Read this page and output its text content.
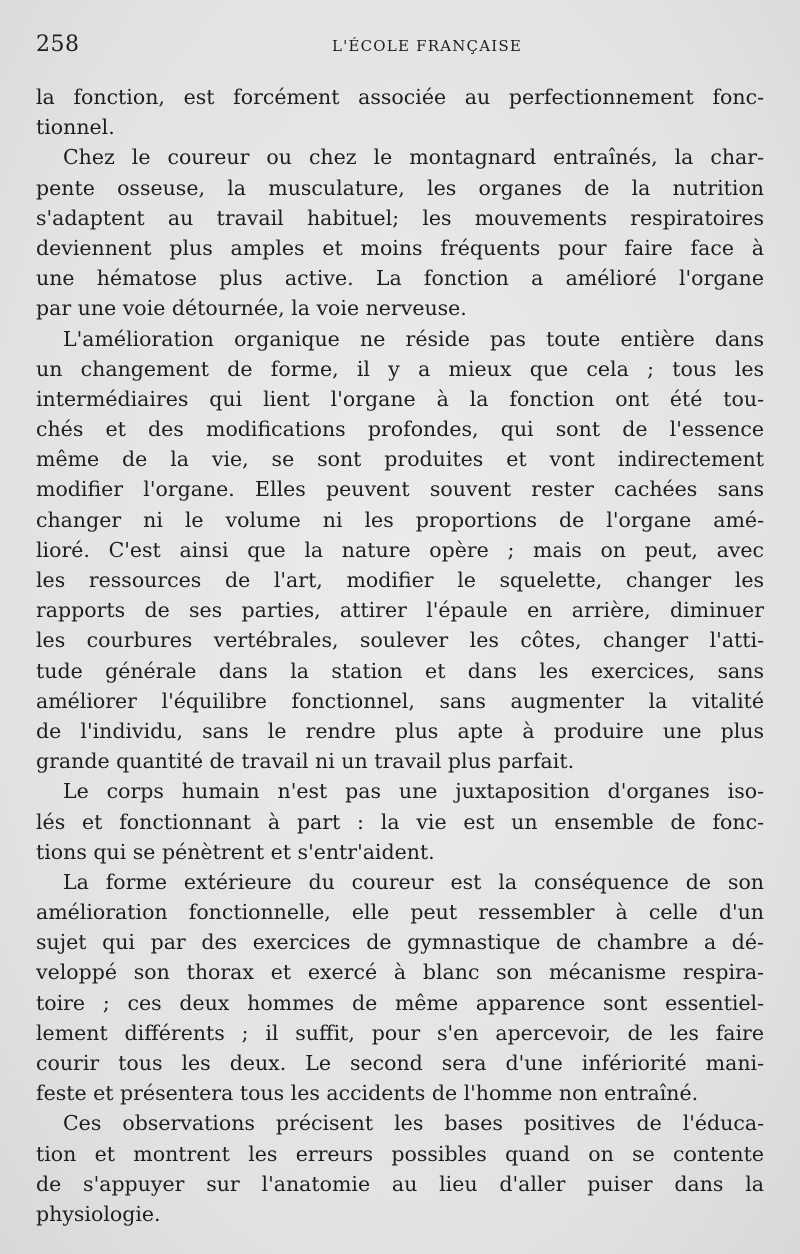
258	L'ÉCOLE FRANÇAISE
la fonction, est forcément associée au perfectionnement fonc-
tionnel.
Chez le coureur ou chez le montagnard entraînés, la char-
pente osseuse, la musculature, les organes de la nutrition
s'adaptent au travail habituel; les mouvements respiratoires
deviennent plus amples et moins fréquents pour faire face à
une hématose plus active. La fonction a amélioré l'organe
par une voie détournée, la voie nerveuse.
L'amélioration organique ne réside pas toute entière dans
un changement de forme, il y a mieux que cela ; tous les
intermédiaires qui lient l'organe à la fonction ont été tou-
chés et des modifications profondes, qui sont de l'essence
même de la vie, se sont produites et vont indirectement
modifier l'organe. Elles peuvent souvent rester cachées sans
changer ni le volume ni les proportions de l'organe amé-
lioré. C'est ainsi que la nature opère ; mais on peut, avec
les ressources de l'art, modifier le squelette, changer les
rapports de ses parties, attirer l'épaule en arrière, diminuer
les courbures vertébrales, soulever les côtes, changer l'atti-
tude générale dans la station et dans les exercices, sans
améliorer l'équilibre fonctionnel, sans augmenter la vitalité
de l'individu, sans le rendre plus apte à produire une plus
grande quantité de travail ni un travail plus parfait.
Le corps humain n'est pas une juxtaposition d'organes iso-
lés et fonctionnant à part : la vie est un ensemble de fonc-
tions qui se pénètrent et s'entr'aident.
La forme extérieure du coureur est la conséquence de son
amélioration fonctionnelle, elle peut ressembler à celle d'un
sujet qui par des exercices de gymnastique de chambre a dé-
veloppé son thorax et exercé à blanc son mécanisme respira-
toire ; ces deux hommes de même apparence sont essentiel-
lement différents ; il suffit, pour s'en apercevoir, de les faire
courir tous les deux. Le second sera d'une infériorité mani-
feste et présentera tous les accidents de l'homme non entraîné.
Ces observations précisent les bases positives de l'éduca-
tion et montrent les erreurs possibles quand on se contente
de s'appuyer sur l'anatomie au lieu d'aller puiser dans la
physiologie.
